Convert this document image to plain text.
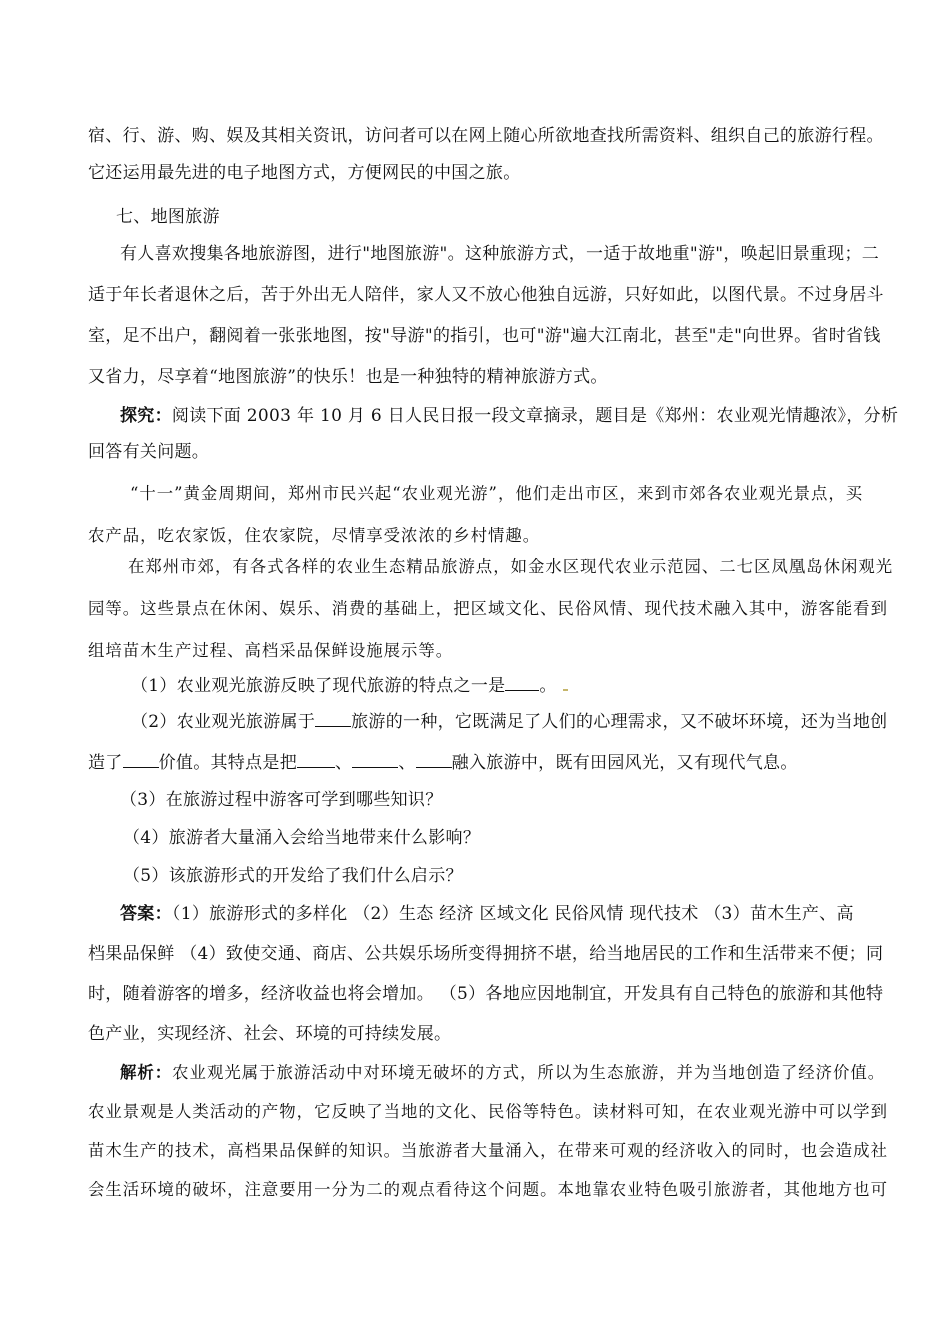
宿、行、游、购、娱及其相关资讯，访问者可以在网上随心所欲地查找所需资料、组织自己的旅游行程。
它还运用最先进的电子地图方式，方便网民的中国之旅。
七、地图旅游
有人喜欢搜集各地旅游图，进行"地图旅游"。这种旅游方式，一适于故地重"游"，唤起旧景重现；二
适于年长者退休之后，苦于外出无人陪伴，家人又不放心他独自远游，只好如此，以图代景。不过身居斗
室，足不出户，翻阅着一张张地图，按"导游"的指引，也可"游"遍大江南北，甚至"走"向世界。省时省钱
又省力，尽享着“地图旅游”的快乐！也是一种独特的精神旅游方式。
探究：阅读下面 2003 年 10 月 6 日人民日报一段文章摘录，题目是《郑州：农业观光情趣浓》，分析
回答有关问题。
“十一”黄金周期间，郑州市民兴起“农业观光游”，他们走出市区，来到市郊各农业观光景点，买
农产品，吃农家饭，住农家院，尽情享受浓浓的乡村情趣。
在郑州市郊，有各式各样的农业生态精品旅游点，如金水区现代农业示范园、二七区凤凰岛休闲观光
园等。这些景点在休闲、娱乐、消费的基础上，把区域文化、民俗风情、现代技术融入其中，游客能看到
组培苗木生产过程、高档采品保鲜设施展示等。
（1）农业观光旅游反映了现代旅游的特点之一是 。
（2）农业观光旅游属于 旅游的一种，它既满足了人们的心理需求，又不破坏环境，还为当地创
造了 价值。其特点是把 、	、 融入旅游中，既有田园风光，又有现代气息。
（3）在旅游过程中游客可学到哪些知识？
（4）旅游者大量涌入会给当地带来什么影响？
（5）该旅游形式的开发给了我们什么启示？
答案：（1）旅游形式的多样化 （2）生态 经济 区域文化 民俗风情 现代技术 （3）苗木生产、高
档果品保鲜 （4）致使交通、商店、公共娱乐场所变得拥挤不堪，给当地居民的工作和生活带来不便；同
时，随着游客的增多，经济收益也将会增加。 （5）各地应因地制宜，开发具有自己特色的旅游和其他特
色产业，实现经济、社会、环境的可持续发展。
解析：农业观光属于旅游活动中对环境无破坏的方式，所以为生态旅游，并为当地创造了经济价值。
农业景观是人类活动的产物，它反映了当地的文化、民俗等特色。读材料可知，在农业观光游中可以学到
苗木生产的技术，高档果品保鲜的知识。当旅游者大量涌入，在带来可观的经济收入的同时，也会造成社
会生活环境的破坏，注意要用一分为二的观点看待这个问题。本地靠农业特色吸引旅游者，其他地方也可
